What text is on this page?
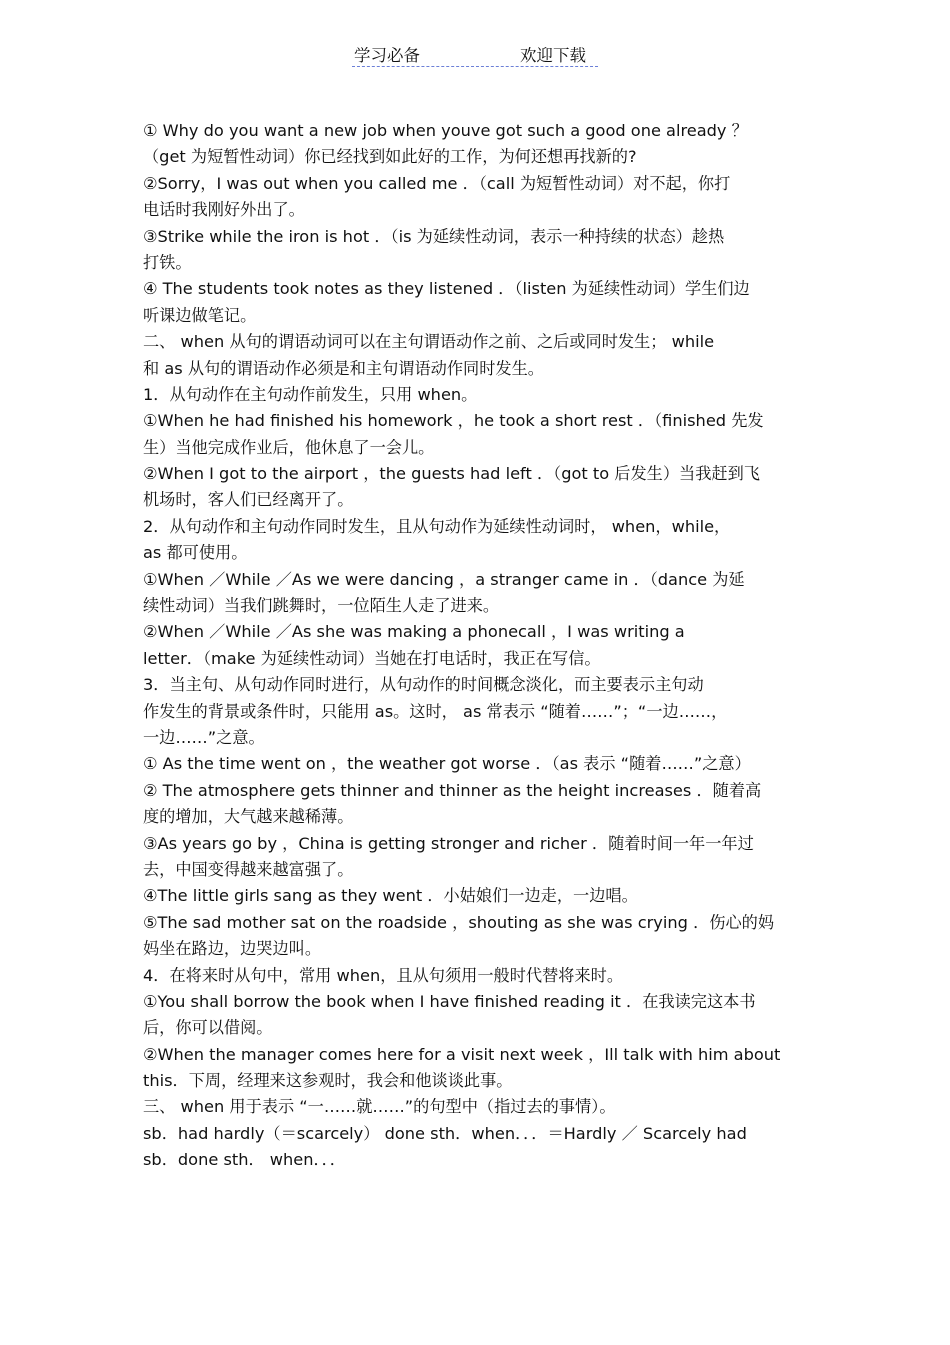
学习必备	欢迎下载
① Why do you want a new job when youve got such a good one already ？
（get 为短暂性动词）你已经找到如此好的工作，为何还想再找新的?
②Sorry，I was out when you called me ．（call 为短暂性动词）对不起，你打
电话时我刚好外出了。
③Strike while the iron is hot ．（is 为延续性动词，表示一种持续的状态）趁热
打铁。
④ The students took notes as they listened ．（listen 为延续性动词）学生们边
听课边做笔记。
二、 when 从句的谓语动词可以在主句谓语动作之前、之后或同时发生； while
和 as 从句的谓语动作必须是和主句谓语动作同时发生。
1．从句动作在主句动作前发生，只用 when。
①When he had finished his homework ，he took a short rest ．（finished 先发
生）当他完成作业后，他休息了一会儿。
②When I got to the airport ，the guests had left ．（got to 后发生）当我赶到飞
机场时，客人们已经离开了。
2．从句动作和主句动作同时发生，且从句动作为延续性动词时， when，while，
as 都可使用。
①When ／While ／As we were dancing ，a stranger came in ．（dance 为延
续性动词）当我们跳舞时，一位陌生人走了进来。
②When ／While ／As she was making a phonecall ，I was writing a
letter．（make 为延续性动词）当她在打电话时，我正在写信。
3．当主句、从句动作同时进行，从句动作的时间概念淡化，而主要表示主句动
作发生的背景或条件时，只能用 as。这时， as 常表示 “随着……”；“一边……，
一边……”之意。
① As the time went on ，the weather got worse ．（as 表示 “随着……”之意）
② The atmosphere gets thinner and thinner as the height increases ．随着高
度的增加，大气越来越稀薄。
③As years go by ，China is getting stronger and richer ．随着时间一年一年过
去，中国变得越来越富强了。
④The little girls sang as they went ．小姑娘们一边走，一边唱。
⑤The sad mother sat on the roadside ，shouting as she was crying ．伤心的妈
妈坐在路边，边哭边叫。
4．在将来时从句中，常用 when，且从句须用一般时代替将来时。
①You shall borrow the book when I have finished reading it ．在我读完这本书
后，你可以借阅。
②When the manager comes here for a visit next week ，Ill talk with him about
this．下周，经理来这参观时，我会和他谈谈此事。
三、 when 用于表示 “一……就……”的句型中（指过去的事情）。
sb．had hardly（＝scarcely） done sth．when．．．＝Hardly ／ Scarcely had
sb．done sth． when．．．
